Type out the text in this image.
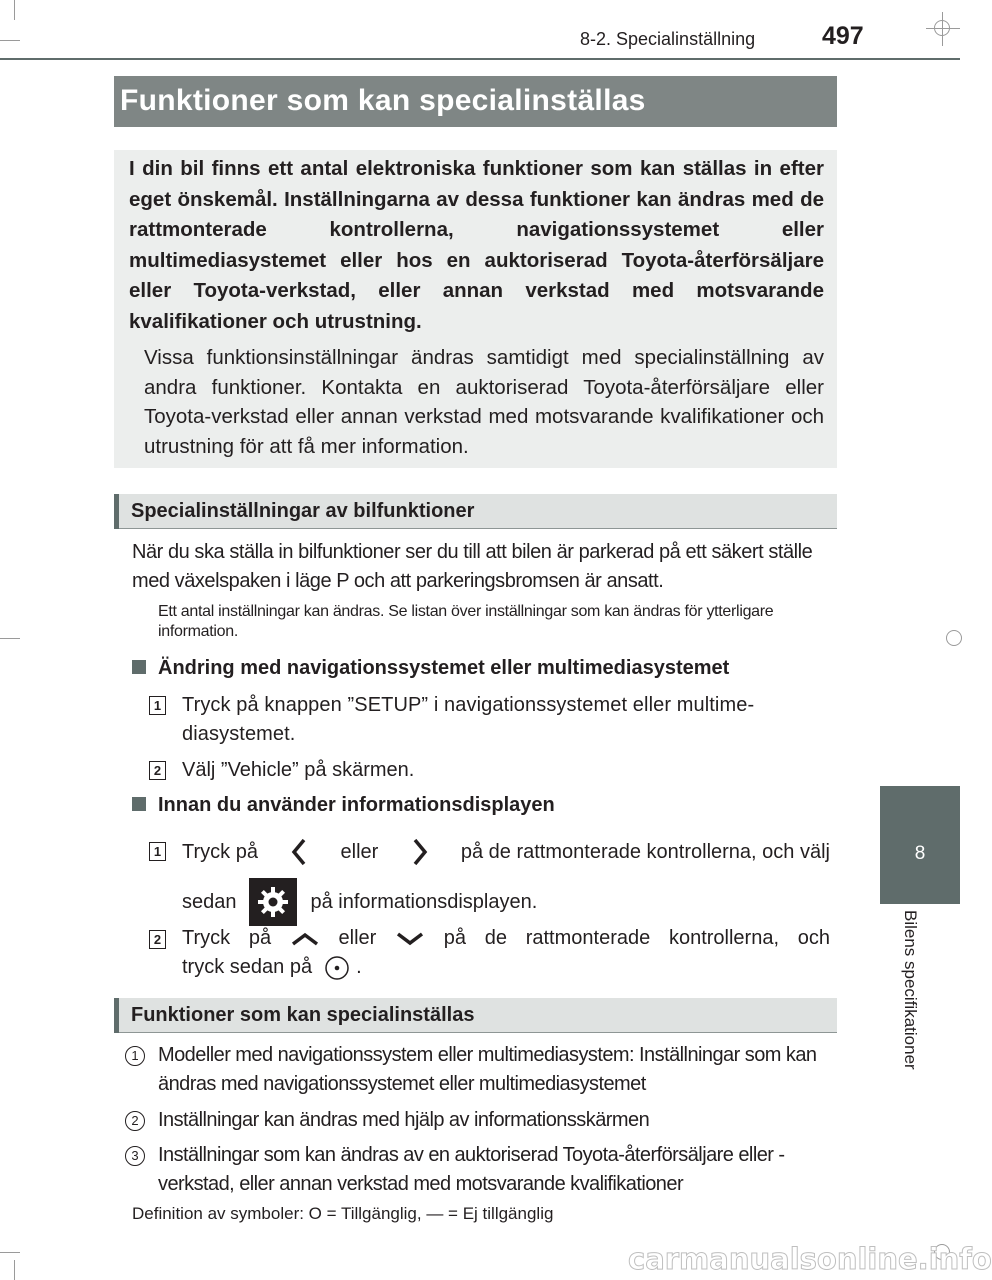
8-2. Specialinställning	497
8
Bilens specifikationer
Funktioner som kan specialinställas
I din bil finns ett antal elektroniska funktioner som kan ställas in efter eget önskemål. Inställningarna av dessa funktioner kan ändras med de rattmonterade kontrollerna, navigationssystemet eller multimediasystemet eller hos en auktoriserad Toyota-återförsäljare eller Toyota-verkstad, eller annan verkstad med motsvarande kvalifikationer och utrustning.
Vissa funktionsinställningar ändras samtidigt med specialinställning av andra funktioner. Kontakta en auktoriserad Toyota-återförsäljare eller Toyota-verkstad eller annan verkstad med motsvarande kvalifikationer och utrustning för att få mer information.
Specialinställningar av bilfunktioner
När du ska ställa in bilfunktioner ser du till att bilen är parkerad på ett säkert ställe med växelspaken i läge P och att parkeringsbromsen är ansatt.
Ett antal inställningar kan ändras. Se listan över inställningar som kan ändras för ytterligare information.
Ändring med navigationssystemet eller multimediasystemet
1 Tryck på knappen ”SETUP” i navigationssystemet eller multimediasystemet.
2 Välj ”Vehicle” på skärmen.
Innan du använder informationsdisplayen
1 Tryck på	eller	på de rattmonterade kontrollerna, och välj
sedan	på informationsdisplayen.
2 Tryck på	eller	på de rattmonterade kontrollerna, och
tryck sedan på .
Funktioner som kan specialinställas
1 Modeller med navigationssystem eller multimediasystem: Inställningar som kan ändras med navigationssystemet eller multimediasystemet
2 Inställningar kan ändras med hjälp av informationsskärmen
3 Inställningar som kan ändras av en auktoriserad Toyota-återförsäljare eller -verkstad, eller annan verkstad med motsvarande kvalifikationer
Definition av symboler: O = Tillgänglig, — = Ej tillgänglig
carmanualsonline.info
